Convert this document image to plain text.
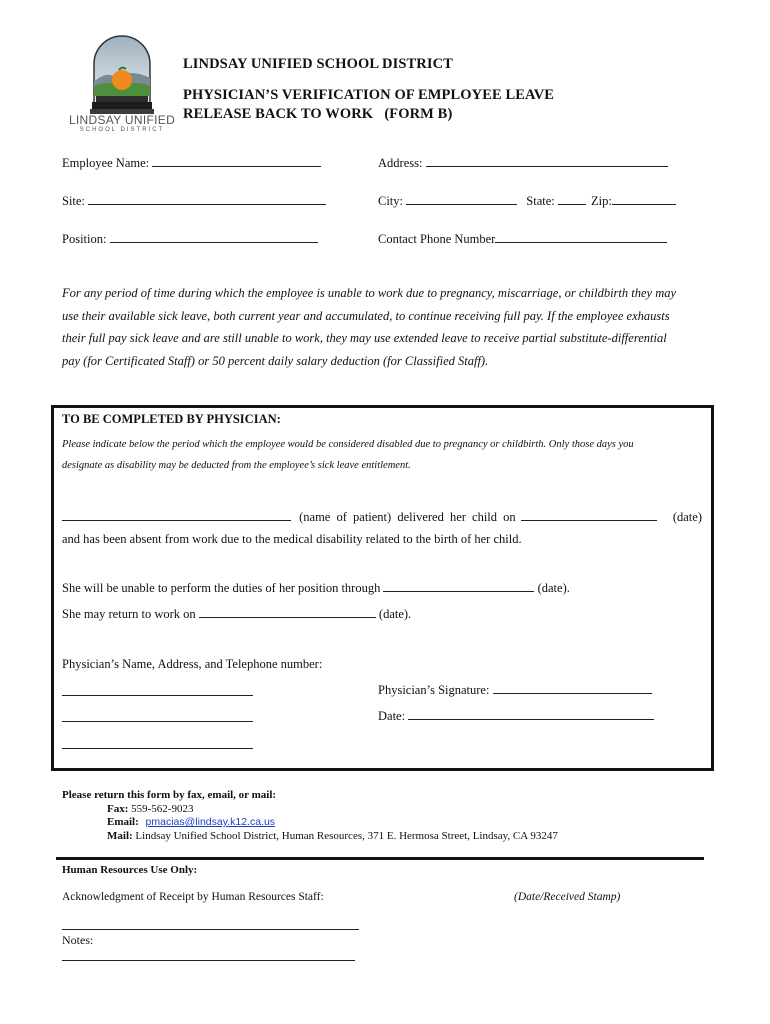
LINDSAY UNIFIED
SCHOOL DISTRICT
LINDSAY UNIFIED SCHOOL DISTRICT
PHYSICIAN’S VERIFICATION OF EMPLOYEE LEAVE
RELEASE BACK TO WORK   (FORM B)
Employee Name:	Address:
Site:	City:	State:	Zip:
Position:	Contact Phone Number
For any period of time during which the employee is unable to work due to pregnancy, miscarriage, or childbirth they may
use their available sick leave, both current year and accumulated, to continue receiving full pay. If the employee exhausts
their full pay sick leave and are still unable to work, they may use extended leave to receive partial substitute-differential
pay (for Certificated Staff) or 50 percent daily salary deduction (for Classified Staff).
TO BE COMPLETED BY PHYSICIAN:
Please indicate below the period which the employee would be considered disabled due to pregnancy or childbirth. Only those days you
designate as disability may be deducted from the employee’s sick leave entitlement.
(name of patient) delivered her child on	(date)
and has been absent from work due to the medical disability related to the birth of her child.
She will be unable to perform the duties of her position through	(date).
She may return to work on	(date).
Physician’s Name, Address, and Telephone number:
Physician’s Signature:
Date:
Please return this form by fax, email, or mail:
Fax: 559-562-9023
Email: pmacias@lindsay.k12.ca.us
Mail: Lindsay Unified School District, Human Resources, 371 E. Hermosa Street, Lindsay, CA 93247
Human Resources Use Only:
Acknowledgment of Receipt by Human Resources Staff:	(Date/Received Stamp)
Notes:
